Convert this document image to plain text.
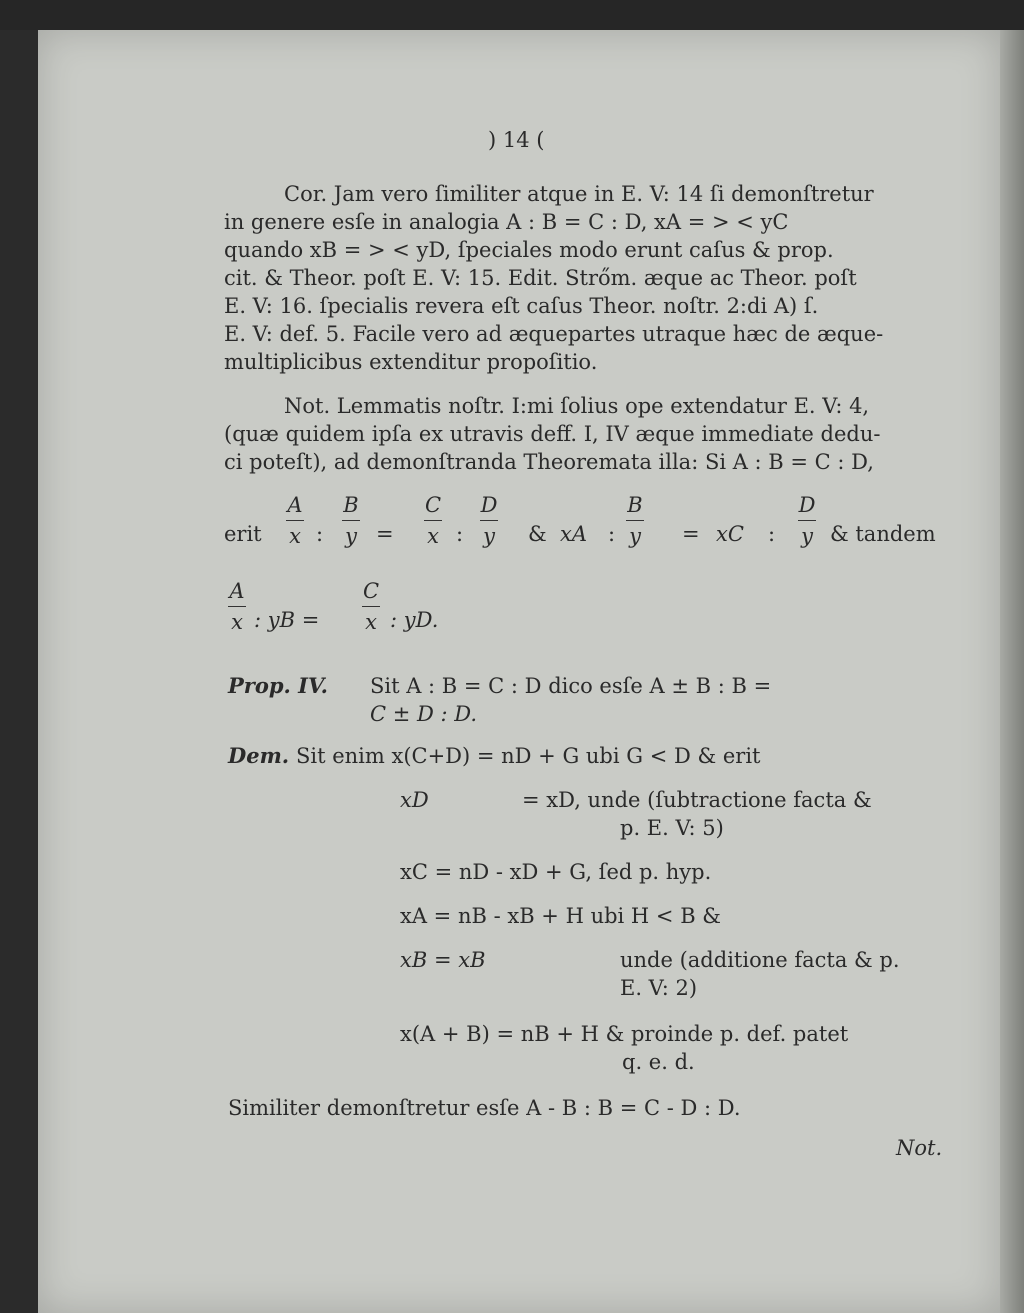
) 14 (
Cor. Jam vero ſimiliter atque in E. V: 14 ſi demonſtretur
in genere esſe in analogia A : B = C : D, xA = > < yC
quando xB = > < yD, ſpeciales modo erunt caſus & prop.
cit. & Theor. poſt E. V: 15. Edit. Strőm. æque ac Theor. poſt
E. V: 16. ſpecialis revera eſt caſus Theor. noſtr. 2:di A) ſ.
E. V: def. 5. Facile vero ad æquepartes utraque hæc de æque-
multiplicibus extenditur propoſitio.
Not. Lemmatis noſtr. I:mi ſolius ope extendatur E. V: 4,
(quæ quidem ipſa ex utravis deff. I, IV æque immediate dedu-
ci poteſt), ad demonſtranda Theoremata illa: Si A : B = C : D,
erit
A
x :
B
y =
C
x :
D
y	& xA :
B
y	= xC :
D
y & tandem
A
x : yB =
C
x : yD.
Prop. IV. Sit A : B = C : D dico esſe A ± B : B =
C ± D : D.
Dem. Sit enim x(C+D) = nD + G ubi G < D & erit
xD	= xD, unde (ſubtractione facta &
p. E. V: 5)
xC = nD - xD + G, ſed p. hyp.
xA = nB - xB + H ubi H < B &
xB = xB	unde (additione facta & p.
E. V: 2)
x(A + B) = nB + H & proinde p. def. patet
q. e. d.
Similiter demonſtretur esſe A - B : B = C - D : D.
Not.
